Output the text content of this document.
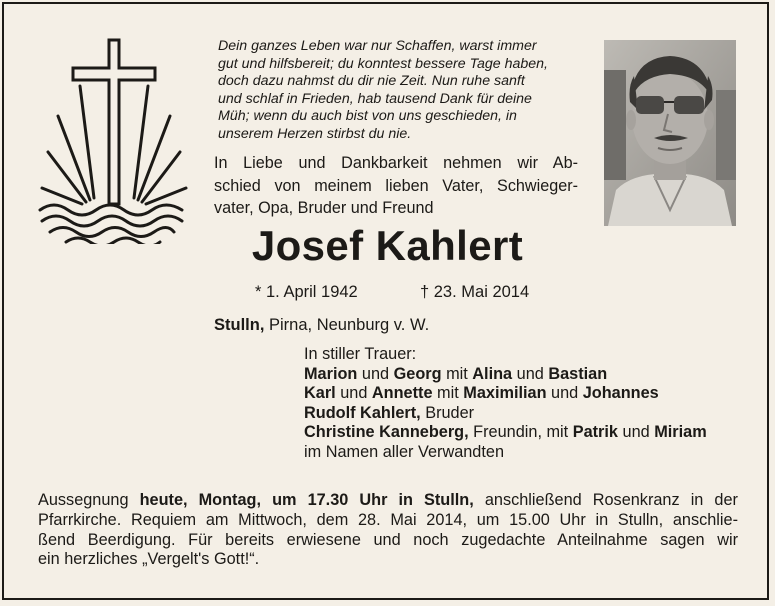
Dein ganzes Leben war nur Schaffen, warst immer
gut und hilfsbereit; du konntest bessere Tage haben,
doch dazu nahmst du dir nie Zeit. Nun ruhe sanft
und schlaf in Frieden, hab tausend Dank für deine
Müh; wenn du auch bist von uns geschieden, in
unserem Herzen stirbst du nie.
In Liebe und Dankbarkeit nehmen wir Ab-
schied von meinem lieben Vater, Schwieger-
vater, Opa, Bruder und Freund
Josef Kahlert
* 1. April 1942	† 23. Mai 2014
Stulln, Pirna, Neunburg v. W.
In stiller Trauer:
Marion und Georg mit Alina und Bastian
Karl und Annette mit Maximilian und Johannes
Rudolf Kahlert, Bruder
Christine Kanneberg, Freundin, mit Patrik und Miriam
im Namen aller Verwandten
Aussegnung heute, Montag, um 17.30 Uhr in Stulln, anschließend Rosenkranz in der
Pfarrkirche. Requiem am Mittwoch, dem 28. Mai 2014, um 15.00 Uhr in Stulln, anschlie-
ßend Beerdigung. Für bereits erwiesene und noch zugedachte Anteilnahme sagen wir
ein herzliches „Vergelt's Gott!“.
